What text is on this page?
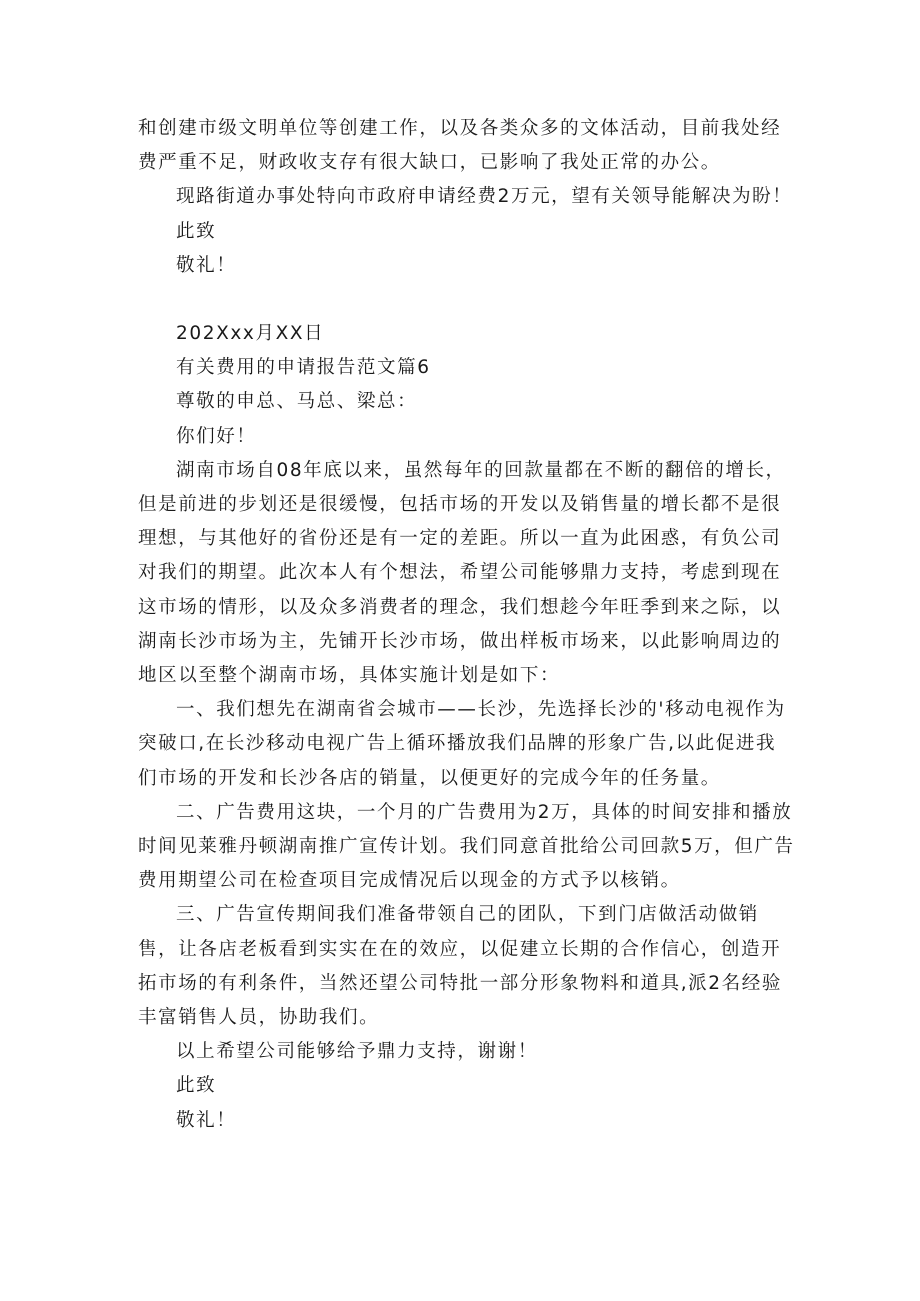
和创建市级文明单位等创建工作，以及各类众多的文体活动，目前我处经
费严重不足，财政收支存有很大缺口，已影响了我处正常的办公。

现路街道办事处特向市政府申请经费2万元，望有关领导能解决为盼！

此致

敬礼！

202Xxx月XX日

有关费用的申请报告范文篇6

尊敬的申总、马总、梁总：

你们好！

湖南市场自08年底以来，虽然每年的回款量都在不断的翻倍的增长，
但是前进的步划还是很缓慢，包括市场的开发以及销售量的增长都不是很
理想，与其他好的省份还是有一定的差距。所以一直为此困惑，有负公司
对我们的期望。此次本人有个想法，希望公司能够鼎力支持，考虑到现在
这市场的情形，以及众多消费者的理念，我们想趁今年旺季到来之际，以
湖南长沙市场为主，先铺开长沙市场，做出样板市场来，以此影响周边的
地区以至整个湖南市场，具体实施计划是如下：
一、我们想先在湖南省会城市——长沙，先选择长沙的'移动电视作为
突破口,在长沙移动电视广告上循环播放我们品牌的形象广告,以此促进我
们市场的开发和长沙各店的销量，以便更好的完成今年的任务量。
二、广告费用这块，一个月的广告费用为2万，具体的时间安排和播放
时间见莱雅丹顿湖南推广宣传计划。我们同意首批给公司回款5万，但广告
费用期望公司在检查项目完成情况后以现金的方式予以核销。
三、广告宣传期间我们准备带领自己的团队，下到门店做活动做销
售，让各店老板看到实实在在的效应，以促建立长期的合作信心，创造开
拓市场的有利条件，当然还望公司特批一部分形象物料和道具,派2名经验
丰富销售人员，协助我们。

以上希望公司能够给予鼎力支持，谢谢！

此致

敬礼！
